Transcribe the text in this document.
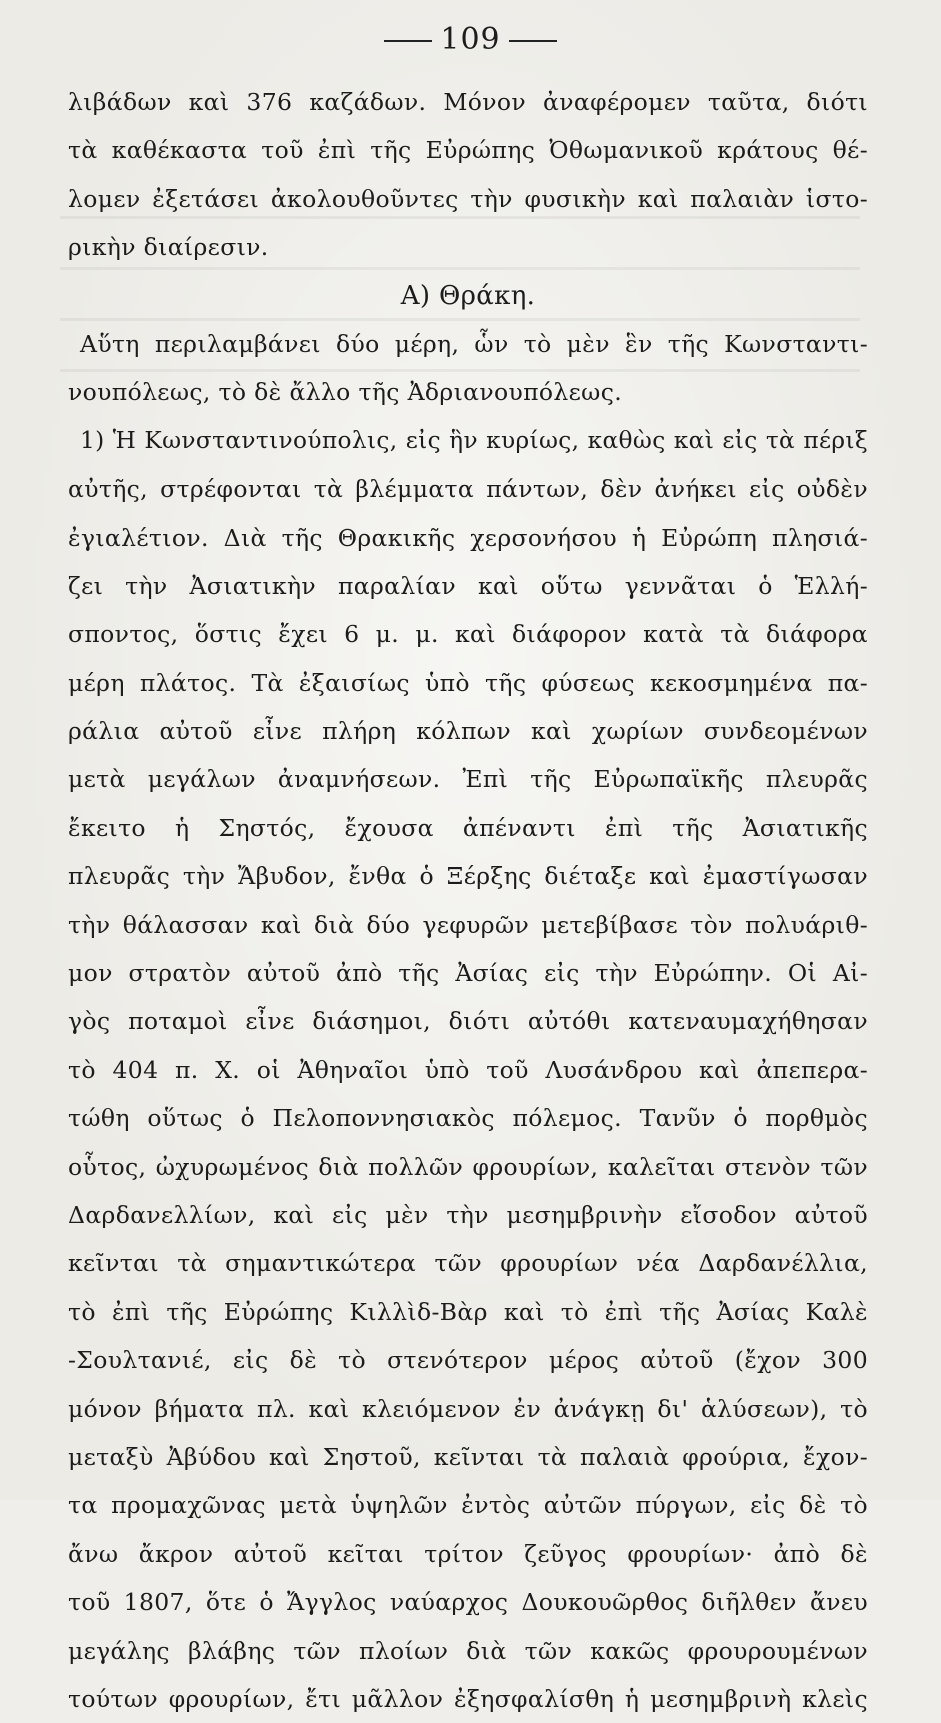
109
λιβάδων καὶ 376 καζάδων. Μόνον ἀναφέρομεν ταῦτα, διότι
τὰ καθέκαστα τοῦ ἐπὶ τῆς Εὐρώπης Ὀθωμανικοῦ κράτους θέ-
λομεν ἐξετάσει ἀκολουθοῦντες τὴν φυσικὴν καὶ παλαιὰν ἱστο-
ρικὴν διαίρεσιν.
Α) Θράκη.
Αὕτη περιλαμβάνει δύο μέρη, ὧν τὸ μὲν ἓν τῆς Κωνσταντι-
νουπόλεως, τὸ δὲ ἄλλο τῆς Ἀδριανουπόλεως.
1) Ἡ Κωνσταντινούπολις, εἰς ἣν κυρίως, καθὼς καὶ εἰς τὰ πέριξ
αὐτῆς, στρέφονται τὰ βλέμματα πάντων, δὲν ἀνήκει εἰς οὐδὲν
ἐγιαλέτιον. Διὰ τῆς Θρακικῆς χερσονήσου ἡ Εὐρώπη πλησιά-
ζει τὴν Ἀσιατικὴν παραλίαν καὶ οὕτω γεννᾶται ὁ Ἑλλή-
σποντος, ὅστις ἔχει 6 μ. μ. καὶ διάφορον κατὰ τὰ διάφορα
μέρη πλάτος. Τὰ ἐξαισίως ὑπὸ τῆς φύσεως κεκοσμημένα πα-
ράλια αὐτοῦ εἶνε πλήρη κόλπων καὶ χωρίων συνδεομένων
μετὰ μεγάλων ἀναμνήσεων. Ἐπὶ τῆς Εὐρωπαϊκῆς πλευρᾶς
ἔκειτο ἡ Σηστός, ἔχουσα ἀπέναντι ἐπὶ τῆς Ἀσιατικῆς
πλευρᾶς τὴν Ἄβυδον, ἔνθα ὁ Ξέρξης διέταξε καὶ ἐμαστίγωσαν
τὴν θάλασσαν καὶ διὰ δύο γεφυρῶν μετεβίβασε τὸν πολυάριθ-
μον στρατὸν αὐτοῦ ἀπὸ τῆς Ἀσίας εἰς τὴν Εὐρώπην. Οἱ Αἰ-
γὸς ποταμοὶ εἶνε διάσημοι, διότι αὐτόθι κατεναυμαχήθησαν
τὸ 404 π. Χ. οἱ Ἀθηναῖοι ὑπὸ τοῦ Λυσάνδρου καὶ ἀπεπερα-
τώθη οὕτως ὁ Πελοποννησιακὸς πόλεμος. Τανῦν ὁ πορθμὸς
οὗτος, ὠχυρωμένος διὰ πολλῶν φρουρίων, καλεῖται στενὸν τῶν
Δαρδανελλίων, καὶ εἰς μὲν τὴν μεσημβρινὴν εἴσοδον αὐτοῦ
κεῖνται τὰ σημαντικώτερα τῶν φρουρίων νέα Δαρδανέλλια,
τὸ ἐπὶ τῆς Εὐρώπης Κιλλὶδ-Βὰρ καὶ τὸ ἐπὶ τῆς Ἀσίας Καλὲ
-Σουλτανιέ, εἰς δὲ τὸ στενότερον μέρος αὐτοῦ (ἔχον 300
μόνον βήματα πλ. καὶ κλειόμενον ἐν ἀνάγκῃ δι' ἁλύσεων), τὸ
μεταξὺ Ἀβύδου καὶ Σηστοῦ, κεῖνται τὰ παλαιὰ φρούρια, ἔχον-
τα προμαχῶνας μετὰ ὑψηλῶν ἐντὸς αὐτῶν πύργων, εἰς δὲ τὸ
ἄνω ἄκρον αὐτοῦ κεῖται τρίτον ζεῦγος φρουρίων· ἀπὸ δὲ
τοῦ 1807, ὅτε ὁ Ἄγγλος ναύαρχος Δουκουῶρθος διῆλθεν ἄνευ
μεγάλης βλάβης τῶν πλοίων διὰ τῶν κακῶς φρουρουμένων
τούτων φρουρίων, ἔτι μᾶλλον ἐξησφαλίσθη ἡ μεσημβρινὴ κλεὶς
